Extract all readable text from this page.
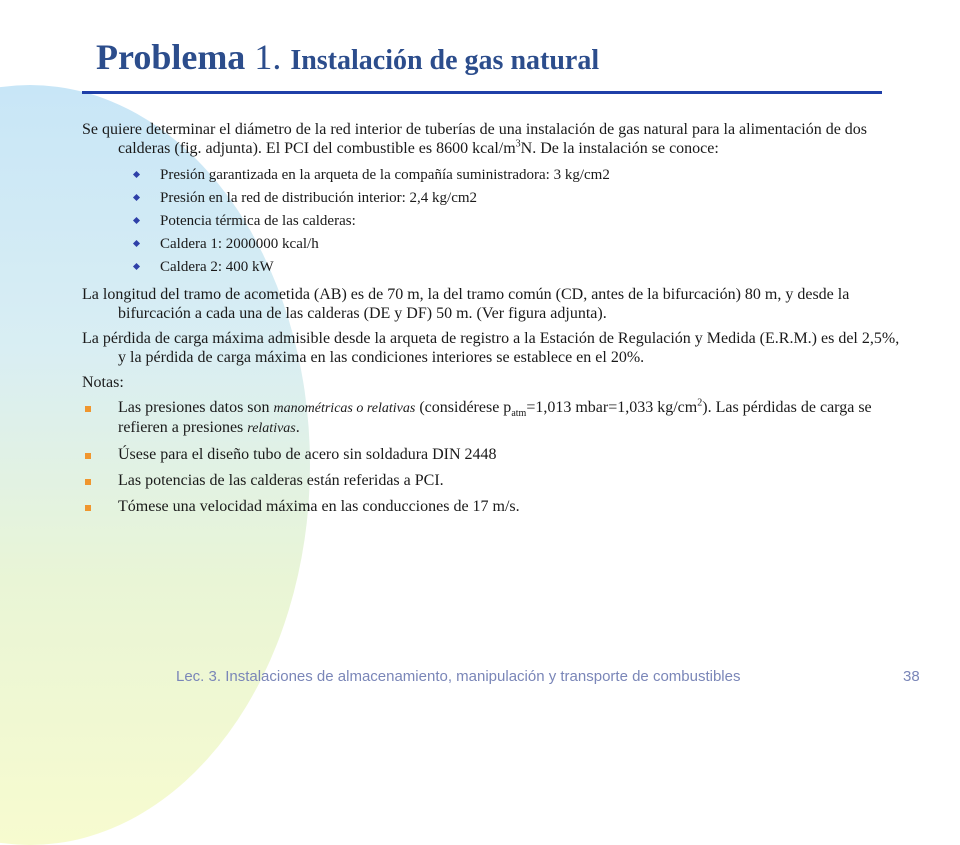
Problema 1. Instalación de gas natural

Se quiere determinar el diámetro de la red interior de tuberías de una instalación de gas natural para la alimentación de dos calderas (fig. adjunta). El PCI del combustible es 8600 kcal/$m^3N$. De la instalación se conoce:

Presión garantizada en la arqueta de la compañía suministradora: 3 kg/cm2
Presión en la red de distribución interior: 2,4 kg/cm2
Potencia térmica de las calderas:
Caldera 1: 2000000 kcal/h
Caldera 2: 400 kW

La longitud del tramo de acometida (AB) es de 70 m, la del tramo común (CD, antes de la bifurcación) 80 m, y desde la bifurcación a cada una de las calderas (DE y DF) 50 m. (Ver figura adjunta).

La pérdida de carga máxima admisible desde la arqueta de registro a la Estación de Regulación y Medida (E.R.M.) es del 2,5%, y la pérdida de carga máxima en las condiciones interiores se establece en el 20%.

Notas:

Las presiones datos son manométricas o relativas (considérese $p_{atm}=1,013$ mbar=1,033 $kg/cm^2$). Las pérdidas de carga se refieren a presiones relativas.
Úsese para el diseño tubo de acero sin soldadura DIN 2448
Las potencias de las calderas están referidas a PCI.
Tómese una velocidad máxima en las conducciones de 17 m/s.
Lec. 3. Instalaciones de almacenamiento, manipulación y transporte de combustibles	38
